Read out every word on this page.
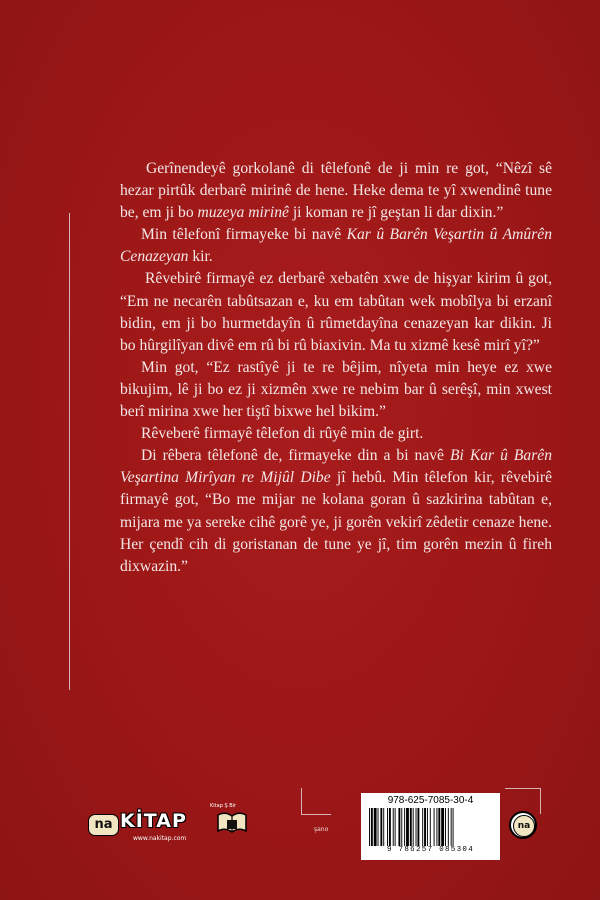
Gerînendeyê gorkolanê di têlefonê de ji min re got, “Nêzî sê hezar pirtûk derbarê mirinê de hene. Heke dema te yî xwendinê tune be, em ji bo muzeya mirinê ji koman re jî geştan li dar dixin.”

Min têlefonî firmayeke bi navê Kar û Barên Veşartin û Amûrên Cenazeyan kir.

Rêvebirê firmayê ez derbarê xebatên xwe de hişyar kirim û got, “Em ne necarên tabûtsazan e, ku em tabûtan wek mobîlya bi erzanî bidin, em ji bo hurmetdayîn û rûmetdayîna cenazeyan kar dikin. Ji bo hûrgilîyan divê em rû bi rû biaxivin. Ma tu xizmê kesê mirî yî?”

Min got, “Ez rastîyê ji te re bêjim, nîyeta min heye ez xwe bikujim, lê ji bo ez ji xizmên xwe re nebim bar û serêşî, min xwest berî mirina xwe her tiştî bixwe hel bikim.”

Rêveberê firmayê têlefon di rûyê min de girt.

Di rêbera têlefonê de, firmayeke din a bi navê Bi Kar û Barên Veşartina Mirîyan re Mijûl Dibe jî hebû. Min têlefon kir, rêvebirê firmayê got, “Bo me mijar ne kolana goran û sazkirina tabûtan e, mijara me ya sereke cihê gorê ye, ji gorên vekirî zêdetir cenaze hene. Her çendî cih di goristanan de tune ye jî, tim gorên mezin û fireh dixwazin.”

na KİTAP
www.nakitap.com
Kitap Ş Bir
şano
978-625-7085-30-4
9 786257 085304
na
